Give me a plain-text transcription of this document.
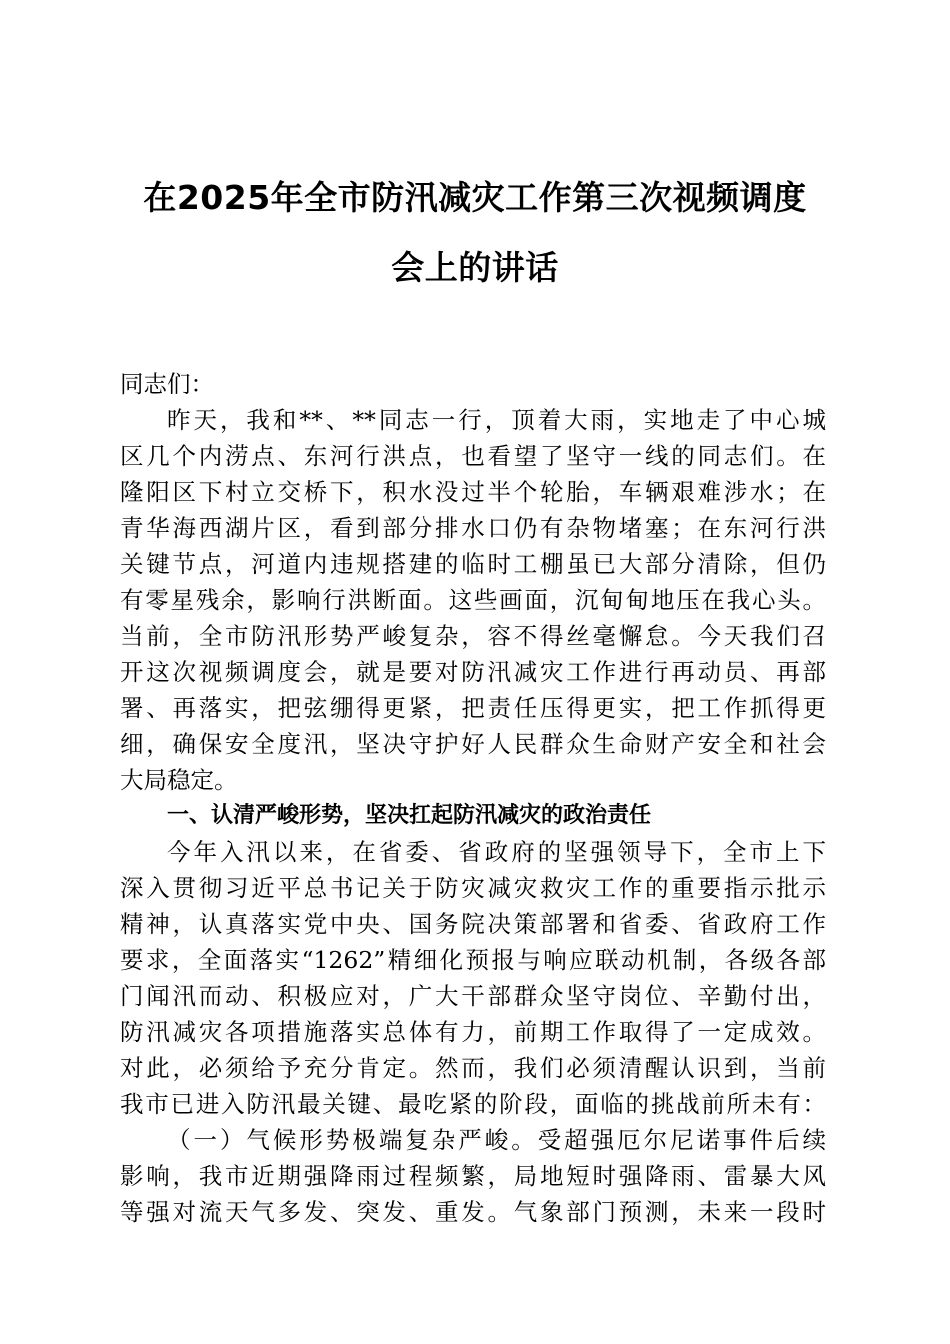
在2025年全市防汛减灾工作第三次视频调度
会上的讲话
同志们：
昨天，我和**、**同志一行，顶着大雨，实地走了中心城
区几个内涝点、东河行洪点，也看望了坚守一线的同志们。在
隆阳区下村立交桥下，积水没过半个轮胎，车辆艰难涉水；在
青华海西湖片区，看到部分排水口仍有杂物堵塞；在东河行洪
关键节点，河道内违规搭建的临时工棚虽已大部分清除，但仍
有零星残余，影响行洪断面。这些画面，沉甸甸地压在我心头。
当前，全市防汛形势严峻复杂，容不得丝毫懈怠。今天我们召
开这次视频调度会，就是要对防汛减灾工作进行再动员、再部
署、再落实，把弦绷得更紧，把责任压得更实，把工作抓得更
细，确保安全度汛，坚决守护好人民群众生命财产安全和社会
大局稳定。
一、认清严峻形势，坚决扛起防汛减灾的政治责任
今年入汛以来，在省委、省政府的坚强领导下，全市上下
深入贯彻习近平总书记关于防灾减灾救灾工作的重要指示批示
精神，认真落实党中央、国务院决策部署和省委、省政府工作
要求，全面落实“1262”精细化预报与响应联动机制，各级各部
门闻汛而动、积极应对，广大干部群众坚守岗位、辛勤付出，
防汛减灾各项措施落实总体有力，前期工作取得了一定成效。
对此，必须给予充分肯定。然而，我们必须清醒认识到，当前
我市已进入防汛最关键、最吃紧的阶段，面临的挑战前所未有：
（一）气候形势极端复杂严峻。受超强厄尔尼诺事件后续
影响，我市近期强降雨过程频繁，局地短时强降雨、雷暴大风
等强对流天气多发、突发、重发。气象部门预测，未来一段时
